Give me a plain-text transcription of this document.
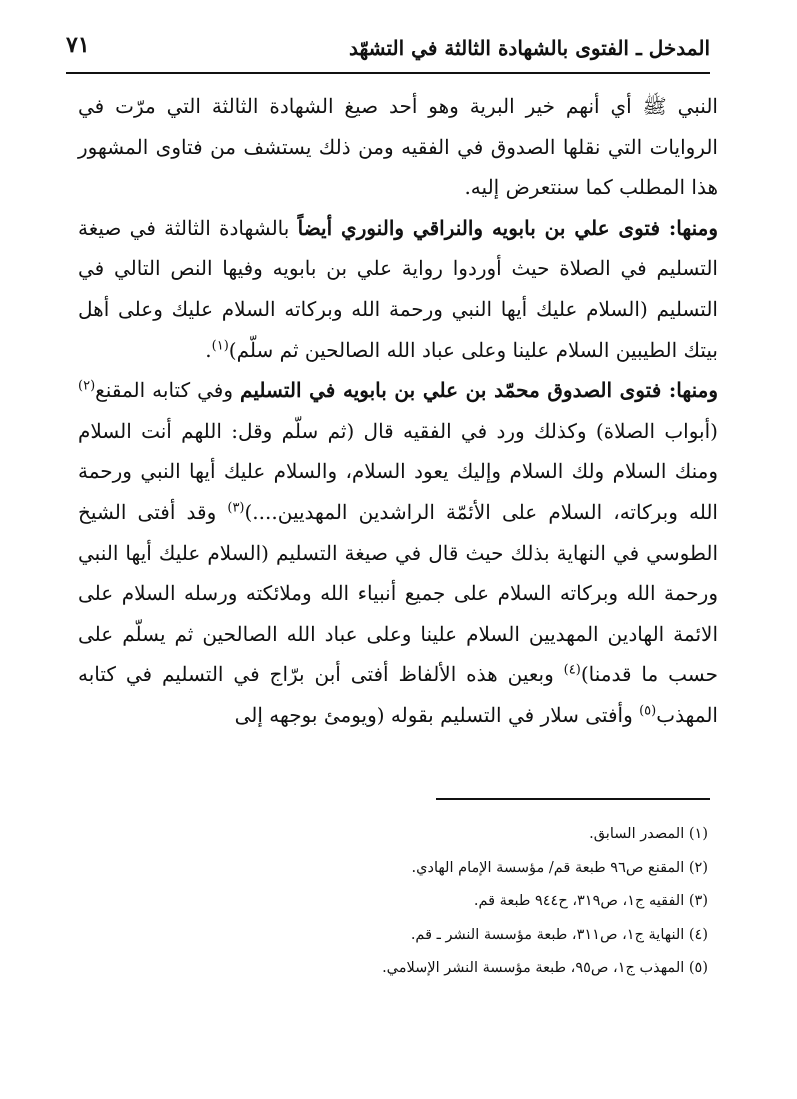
المدخل ـ الفتوى بالشهادة الثالثة في التشهّد
٧١

النبي ﷺ أي أنهم خير البرية وهو أحد صيغ الشهادة الثالثة التي مرّت في الروايات التي نقلها الصدوق في الفقيه ومن ذلك يستشف من فتاوى المشهور هذا المطلب كما سنتعرض إليه.

ومنها: فتوى علي بن بابويه والنراقي والنوري أيضاً بالشهادة الثالثة في صيغة التسليم في الصلاة حيث أوردوا رواية علي بن بابويه وفيها النص التالي في التسليم (السلام عليك أيها النبي ورحمة الله وبركاته السلام عليك وعلى أهل بيتك الطيبين السلام علينا وعلى عباد الله الصالحين ثم سلّم)$^{(١)}$.

ومنها: فتوى الصدوق محمّد بن علي بن بابويه في التسليم وفي كتابه المقنع$^{(٢)}$ (أبواب الصلاة) وكذلك ورد في الفقيه قال (ثم سلّم وقل: اللهم أنت السلام ومنك السلام ولك السلام وإليك يعود السلام، والسلام عليك أيها النبي ورحمة الله وبركاته، السلام على الأئمّة الراشدين المهديين....)$^{(٣)}$ وقد أفتى الشيخ الطوسي في النهاية بذلك حيث قال في صيغة التسليم (السلام عليك أيها النبي ورحمة الله وبركاته السلام على جميع أنبياء الله وملائكته ورسله السلام على الائمة الهادين المهديين السلام علينا وعلى عباد الله الصالحين ثم يسلّم على حسب ما قدمنا)$^{(٤)}$ وبعين هذه الألفاظ أفتى أبن برّاج في التسليم في كتابه المهذب$^{(٥)}$ وأفتى سلار في التسليم بقوله (ويومئ بوجهه إلى

(١) المصدر السابق.
(٢) المقنع ص٩٦ طبعة قم/ مؤسسة الإمام الهادي.
(٣) الفقيه ج١، ص٣١٩، ح٩٤٤ طبعة قم.
(٤) النهاية ج١، ص٣١١، طبعة مؤسسة النشر ـ قم.
(٥) المهذب ج١، ص٩٥، طبعة مؤسسة النشر الإسلامي.
